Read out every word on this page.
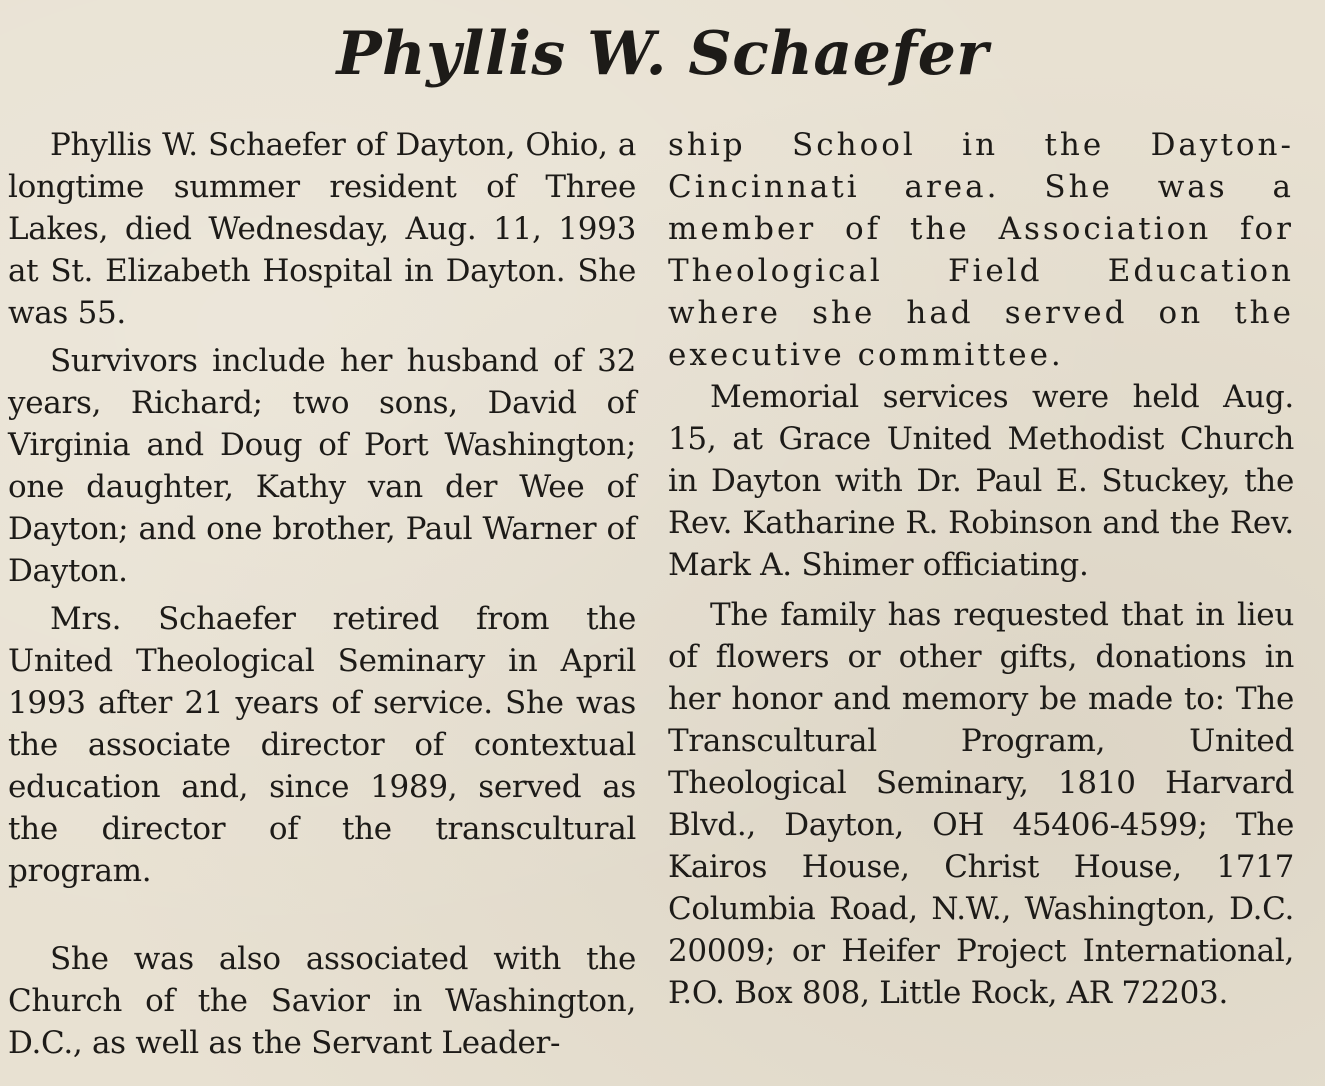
Phyllis W. Schaefer

Phyllis W. Schaefer of Dayton, Ohio, a longtime summer resident of Three Lakes, died Wednesday, Aug. 11, 1993 at St. Elizabeth Hospital in Dayton. She was 55.

Survivors include her husband of 32 years, Richard; two sons, David of Virginia and Doug of Port Washington; one daughter, Kathy van der Wee of Dayton; and one brother, Paul Warner of Dayton.

Mrs. Schaefer retired from the United Theological Seminary in April 1993 after 21 years of service. She was the associate director of contextual education and, since 1989, served as the director of the transcultural program.

She was also associated with the Church of the Savior in Washington, D.C., as well as the Servant Leader-

ship School in the Dayton-Cincinnati area. She was a member of the Association for Theological Field Education where she had served on the executive committee.

Memorial services were held Aug. 15, at Grace United Methodist Church in Dayton with Dr. Paul E. Stuckey, the Rev. Katharine R. Robinson and the Rev. Mark A. Shimer officiating.

The family has requested that in lieu of flowers or other gifts, donations in her honor and memory be made to: The Transcultural Program, United Theological Seminary, 1810 Harvard Blvd., Dayton, OH 45406-4599; The Kairos House, Christ House, 1717 Columbia Road, N.W., Washington, D.C. 20009; or Heifer Project International, P.O. Box 808, Little Rock, AR 72203.
